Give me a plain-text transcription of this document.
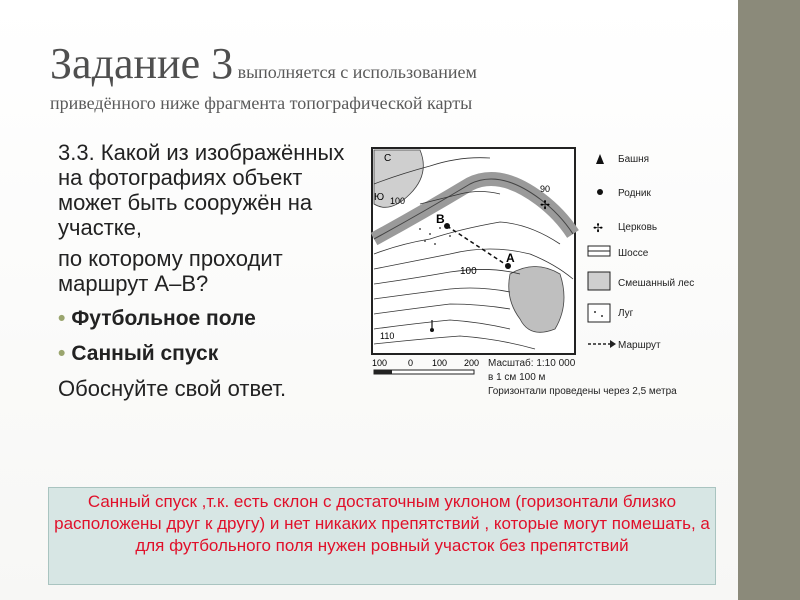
Задание 3 выполняется с использованием
приведённого ниже фрагмента топографической карты

3.3. Какой из изображённых на фотографиях объект может быть сооружён на участке,

по которому проходит маршрут А–В?

• Футбольное поле
• Санный спуск

Обоснуйте свой ответ.

В
А
С
Ю
100
100
90
110
✢
100 0 100 200 Масштаб: 1:10 000
в 1 см 100 м
Горизонтали проведены через 2,5 метра
Башня
Родник
✢ Церковь
Шоссе
Смешанный лес
Луг
Маршрут
Санный спуск ,т.к. есть склон с достаточным уклоном (горизонтали близко расположены друг к другу) и нет никаких препятствий , которые могут помешать, а для футбольного поля нужен ровный участок без препятствий
